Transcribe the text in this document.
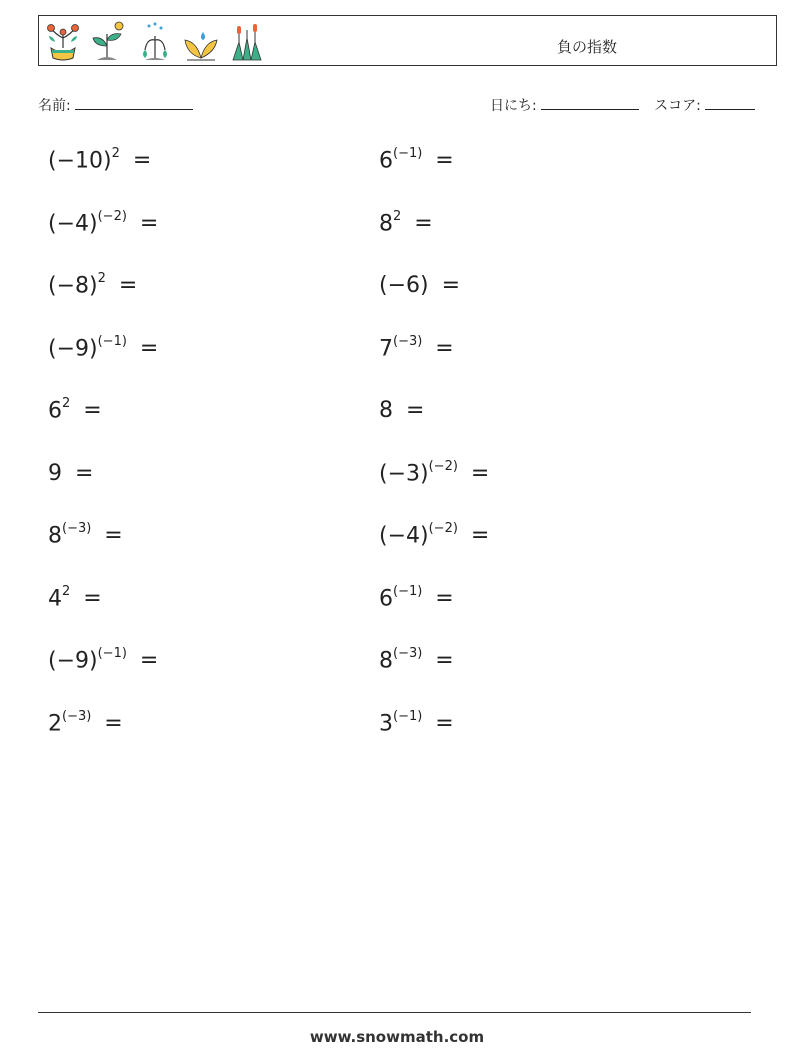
負の指数
名前:	日にち:	スコア:
$(-10)^2$ =	$6^{(-1)}$ =
$(-4)^{(-2)}$ =	$8^2$ =
$(-8)^2$ =	(−6) =
$(-9)^{(-1)}$ =	$7^{(-3)}$ =
$6^2$ =	8 =
9 =	$(-3)^{(-2)}$ =
$8^{(-3)}$ =	$(-4)^{(-2)}$ =
$4^2$ =	$6^{(-1)}$ =
$(-9)^{(-1)}$ =	$8^{(-3)}$ =
$2^{(-3)}$ =	$3^{(-1)}$ =
www.snowmath.com
